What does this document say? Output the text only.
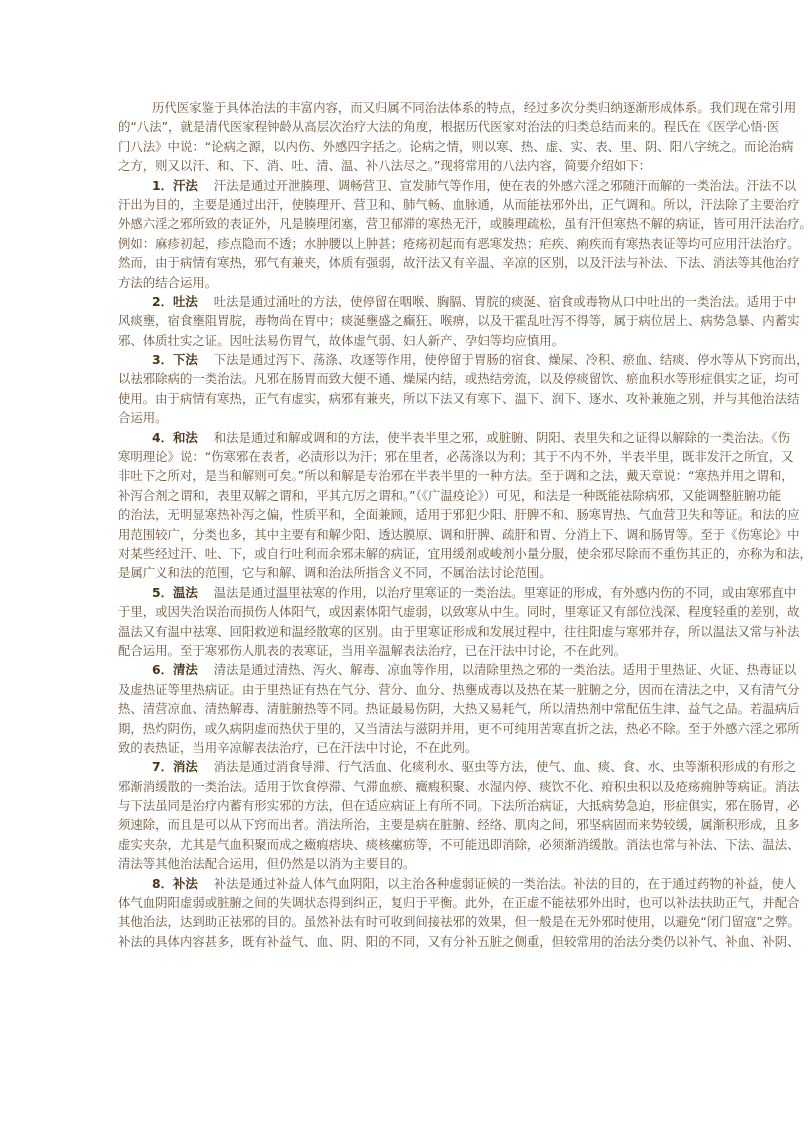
历代医家鉴于具体治法的丰富内容，而又归属不同治法体系的特点，经过多次分类归纳逐渐形成体系。我们现在常引用
的“八法”，就是清代医家程钟龄从高层次治疗大法的角度，根据历代医家对治法的归类总结而来的。程氏在《医学心悟·医
门八法》中说：“论病之源，以内伤、外感四字括之。论病之情，则以寒、热、虚、实、表、里、阴、阳八字统之。而论治病
之方，则又以汗、和、下、消、吐、清、温、补八法尽之。”现将常用的八法内容，简要介绍如下：
1．汗法 汗法是通过开泄腠理、调畅营卫、宣发肺气等作用，使在表的外感六淫之邪随汗而解的一类治法。汗法不以
汗出为目的，主要是通过出汗，使腠理开、营卫和、肺气畅、血脉通，从而能祛邪外出，正气调和。所以，汗法除了主要治疗
外感六淫之邪所致的表证外，凡是腠理闭塞，营卫郁滞的寒热无汗，或腠理疏松，虽有汗但寒热不解的病证，皆可用汗法治疗。
例如：麻疹初起，疹点隐而不透；水肿腰以上肿甚；疮疡初起而有恶寒发热；疟疾、痢疾而有寒热表证等均可应用汗法治疗。
然而，由于病情有寒热，邪气有兼夹，体质有强弱，故汗法又有辛温、辛凉的区别，以及汗法与补法、下法、消法等其他治疗
方法的结合运用。
2．吐法 吐法是通过涌吐的方法，使停留在咽喉、胸膈、胃脘的痰涎、宿食或毒物从口中吐出的一类治法。适用于中
风痰壅，宿食壅阻胃脘，毒物尚在胃中；痰涎壅盛之癫狂、喉痹，以及干霍乱吐泻不得等，属于病位居上、病势急暴、内蓄实
邪、体质壮实之证。因吐法易伤胃气，故体虚气弱、妇人新产、孕妇等均应慎用。
3．下法 下法是通过泻下、荡涤、攻逐等作用，使停留于胃肠的宿食、燥屎、冷积、瘀血、结痰、停水等从下窍而出，
以祛邪除病的一类治法。凡邪在肠胃而致大便不通、燥屎内结，或热结旁流，以及停痰留饮、瘀血积水等形症俱实之证，均可
使用。由于病情有寒热，正气有虚实，病邪有兼夹，所以下法又有寒下、温下、润下、逐水、攻补兼施之别，并与其他治法结
合运用。
4．和法 和法是通过和解或调和的方法，使半表半里之邪，或脏腑、阴阳、表里失和之证得以解除的一类治法。《伤
寒明理论》说：“伤寒邪在表者，必渍形以为汗；邪在里者，必荡涤以为利；其于不内不外，半表半里，既非发汗之所宜，又
非吐下之所对，是当和解则可矣。”所以和解是专治邪在半表半里的一种方法。至于调和之法，戴天章说：“寒热并用之谓和，
补泻合剂之谓和，表里双解之谓和，平其亢厉之谓和。”（《广温疫论》）可见，和法是一种既能祛除病邪，又能调整脏腑功能
的治法，无明显寒热补泻之偏，性质平和，全面兼顾，适用于邪犯少阳、肝脾不和、肠寒胃热、气血营卫失和等证。和法的应
用范围较广，分类也多，其中主要有和解少阳、透达膜原、调和肝脾、疏肝和胃、分消上下、调和肠胃等。至于《伤寒论》中
对某些经过汗、吐、下，或自行吐利而余邪未解的病证，宜用缓剂或峻剂小量分服，使余邪尽除而不重伤其正的，亦称为和法，
是属广义和法的范围，它与和解、调和治法所指含义不同，不属治法讨论范围。
5．温法 温法是通过温里祛寒的作用，以治疗里寒证的一类治法。里寒证的形成，有外感内伤的不同，或由寒邪直中
于里，或因失治误治而损伤人体阳气，或因素体阳气虚弱，以致寒从中生。同时，里寒证又有部位浅深、程度轻重的差别，故
温法又有温中祛寒、回阳救逆和温经散寒的区别。由于里寒证形成和发展过程中，往往阳虚与寒邪并存，所以温法又常与补法
配合运用。至于寒邪伤人肌表的表寒证，当用辛温解表法治疗，已在汗法中讨论，不在此列。
6．清法 清法是通过清热、泻火、解毒、凉血等作用，以清除里热之邪的一类治法。适用于里热证、火证、热毒证以
及虚热证等里热病证。由于里热证有热在气分、营分、血分、热壅成毒以及热在某一脏腑之分，因而在清法之中，又有清气分
热、清营凉血、清热解毒、清脏腑热等不同。热证最易伤阴，大热又易耗气，所以清热剂中常配伍生津、益气之品。若温病后
期，热灼阴伤，或久病阴虚而热伏于里的，又当清法与滋阴并用，更不可纯用苦寒直折之法，热必不除。至于外感六淫之邪所
致的表热证，当用辛凉解表法治疗，已在汗法中讨论，不在此列。
7．消法 消法是通过消食导滞、行气活血、化痰利水、驱虫等方法，使气、血、痰、食、水、虫等渐积形成的有形之
邪渐消缓散的一类治法。适用于饮食停滞、气滞血瘀、癥瘕积聚、水湿内停、痰饮不化、疳积虫积以及疮疡痈肿等病证。消法
与下法虽同是治疗内蓄有形实邪的方法，但在适应病证上有所不同。下法所治病证，大抵病势急迫，形症俱实，邪在肠胃，必
须速除，而且是可以从下窍而出者。消法所治，主要是病在脏腑、经络、肌肉之间，邪坚病固而来势较缓，属渐积形成，且多
虚实夹杂，尤其是气血积聚而成之癥瘕痞块、痰核瘰疬等，不可能迅即消除，必须渐消缓散。消法也常与补法、下法、温法、
清法等其他治法配合运用，但仍然是以消为主要目的。
8．补法 补法是通过补益人体气血阴阳，以主治各种虚弱证候的一类治法。补法的目的，在于通过药物的补益，使人
体气血阴阳虚弱或脏腑之间的失调状态得到纠正，复归于平衡。此外，在正虚不能祛邪外出时，也可以补法扶助正气，并配合
其他治法，达到助正祛邪的目的。虽然补法有时可收到间接祛邪的效果，但一般是在无外邪时使用，以避免“闭门留寇”之弊。
补法的具体内容甚多，既有补益气、血、阴、阳的不同，又有分补五脏之侧重，但较常用的治法分类仍以补气、补血、补阴、
